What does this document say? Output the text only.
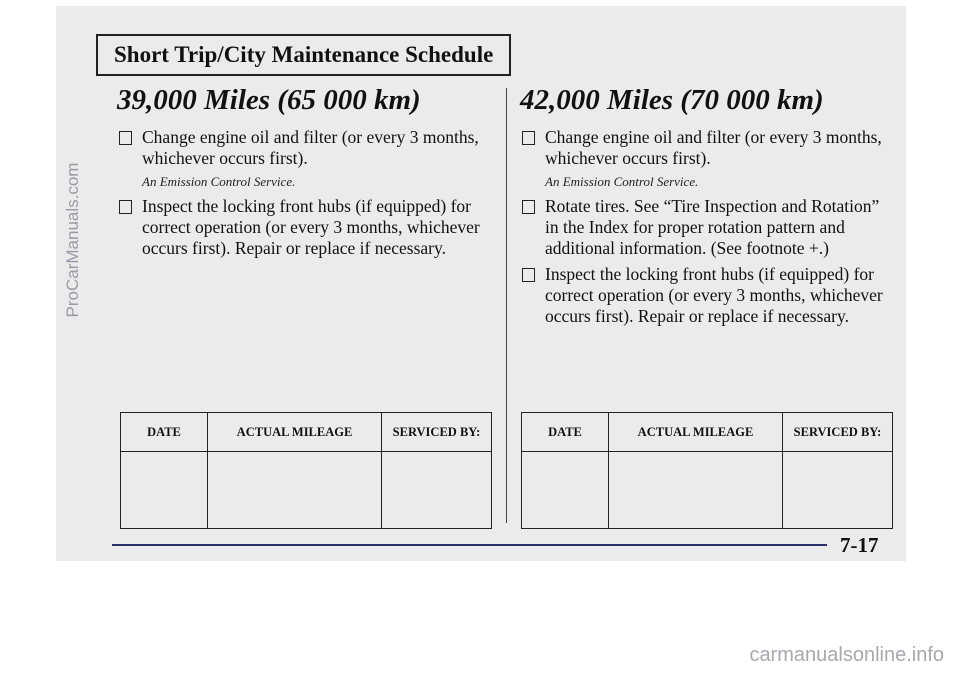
Short Trip/City Maintenance Schedule
39,000 Miles (65 000 km)
Change engine oil and filter (or every 3 months, whichever occurs first).
An Emission Control Service.
Inspect the locking front hubs (if equipped) for correct operation (or every 3 months, whichever occurs first). Repair or replace if necessary.
42,000 Miles (70 000 km)
Change engine oil and filter (or every 3 months, whichever occurs first).
An Emission Control Service.
Rotate tires. See “Tire Inspection and Rotation” in the Index for proper rotation pattern and additional information. (See footnote +.)
Inspect the locking front hubs (if equipped) for correct operation (or every 3 months, whichever occurs first). Repair or replace if necessary.
DATE	ACTUAL MILEAGE	SERVICED BY:
			DATE	ACTUAL MILEAGE	SERVICED BY:

7-17
ProCarManuals.com
carmanualsonline.info
